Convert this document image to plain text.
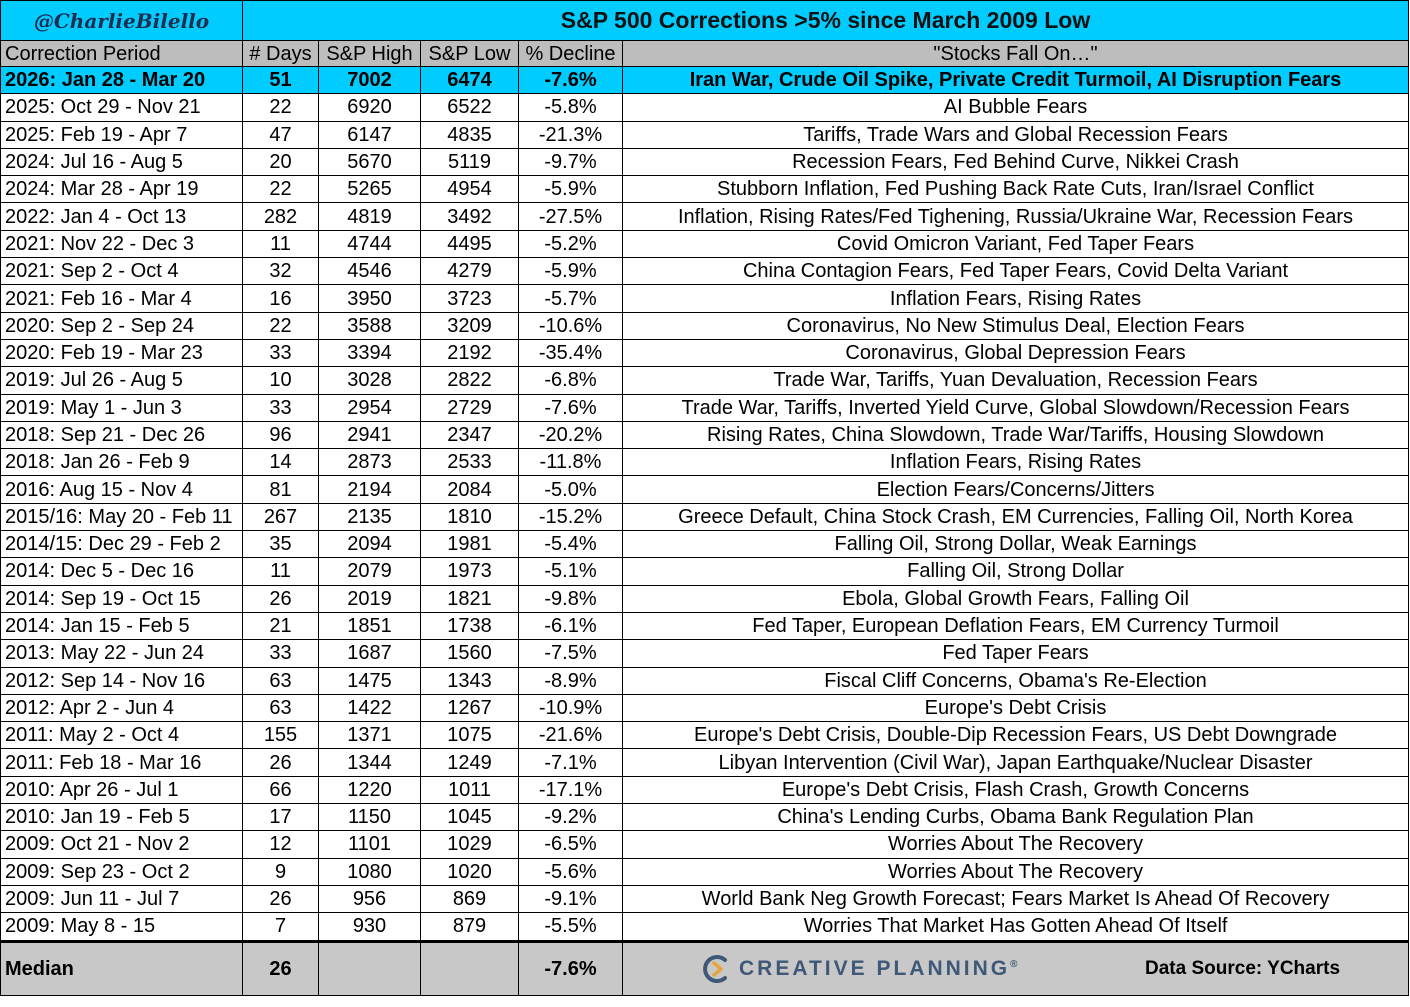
@CharlieBilello	S&P 500 Corrections >5% since March 2009 Low				
Correction Period	# Days	S&P High	S&P Low	% Decline	"Stocks Fall On…"
2026: Jan 28 - Mar 20	51	7002	6474	-7.6%	Iran War, Crude Oil Spike, Private Credit Turmoil, AI Disruption Fears
2025: Oct 29 - Nov 21	22	6920	6522	-5.8%	AI Bubble Fears
2025: Feb 19 - Apr 7	47	6147	4835	-21.3%	Tariffs, Trade Wars and Global Recession Fears
2024: Jul 16 - Aug 5	20	5670	5119	-9.7%	Recession Fears, Fed Behind Curve, Nikkei Crash
2024: Mar 28 - Apr 19	22	5265	4954	-5.9%	Stubborn Inflation, Fed Pushing Back Rate Cuts, Iran/Israel Conflict
2022: Jan 4 - Oct 13	282	4819	3492	-27.5%	Inflation, Rising Rates/Fed Tighening, Russia/Ukraine War, Recession Fears
2021: Nov 22 - Dec 3	11	4744	4495	-5.2%	Covid Omicron Variant, Fed Taper Fears
2021: Sep 2 - Oct 4	32	4546	4279	-5.9%	China Contagion Fears, Fed Taper Fears, Covid Delta Variant
2021: Feb 16 - Mar 4	16	3950	3723	-5.7%	Inflation Fears, Rising Rates
2020: Sep 2 - Sep 24	22	3588	3209	-10.6%	Coronavirus, No New Stimulus Deal, Election Fears
2020: Feb 19 - Mar 23	33	3394	2192	-35.4%	Coronavirus, Global Depression Fears
2019: Jul 26 - Aug 5	10	3028	2822	-6.8%	Trade War, Tariffs, Yuan Devaluation, Recession Fears
2019: May 1 - Jun 3	33	2954	2729	-7.6%	Trade War, Tariffs, Inverted Yield Curve, Global Slowdown/Recession Fears
2018: Sep 21 - Dec 26	96	2941	2347	-20.2%	Rising Rates, China Slowdown, Trade War/Tariffs, Housing Slowdown
2018: Jan 26 - Feb 9	14	2873	2533	-11.8%	Inflation Fears, Rising Rates
2016: Aug 15 - Nov 4	81	2194	2084	-5.0%	Election Fears/Concerns/Jitters
2015/16: May 20 - Feb 11	267	2135	1810	-15.2%	Greece Default, China Stock Crash, EM Currencies, Falling Oil, North Korea
2014/15: Dec 29 - Feb 2	35	2094	1981	-5.4%	Falling Oil, Strong Dollar, Weak Earnings
2014: Dec 5 - Dec 16	11	2079	1973	-5.1%	Falling Oil, Strong Dollar
2014: Sep 19 - Oct 15	26	2019	1821	-9.8%	Ebola, Global Growth Fears, Falling Oil
2014: Jan 15 - Feb 5	21	1851	1738	-6.1%	Fed Taper, European Deflation Fears, EM Currency Turmoil
2013: May 22 - Jun 24	33	1687	1560	-7.5%	Fed Taper Fears
2012: Sep 14 - Nov 16	63	1475	1343	-8.9%	Fiscal Cliff Concerns, Obama's Re-Election
2012: Apr 2 - Jun 4	63	1422	1267	-10.9%	Europe's Debt Crisis
2011: May 2 - Oct 4	155	1371	1075	-21.6%	Europe's Debt Crisis, Double-Dip Recession Fears, US Debt Downgrade
2011: Feb 18 - Mar 16	26	1344	1249	-7.1%	Libyan Intervention (Civil War), Japan Earthquake/Nuclear Disaster
2010: Apr 26 - Jul 1	66	1220	1011	-17.1%	Europe's Debt Crisis, Flash Crash, Growth Concerns
2010: Jan 19 - Feb 5	17	1150	1045	-9.2%	China's Lending Curbs, Obama Bank Regulation Plan
2009: Oct 21 - Nov 2	12	1101	1029	-6.5%	Worries About The Recovery
2009: Sep 23 - Oct 2	9	1080	1020	-5.6%	Worries About The Recovery
2009: Jun 11 - Jul 7	26	956	869	-9.1%	World Bank Neg Growth Forecast; Fears Market Is Ahead Of Recovery
2009: May 8 - 15	7	930	879	-5.5%	Worries That Market Has Gotten Ahead Of Itself
Median	26			-7.6%	CREATIVE PLANNING® Data Source: YCharts
